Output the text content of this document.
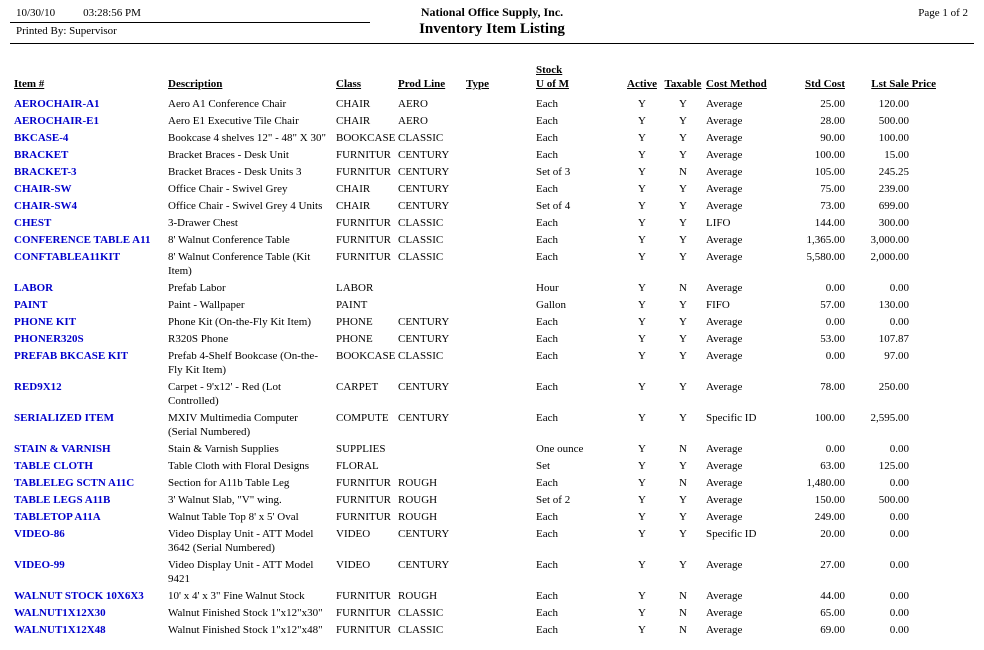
10/30/10	03:28:56 PM
Printed By: Supervisor
National Office Supply, Inc.
Inventory Item Listing
Page 1 of 2
					Stock					
Item #	Description	Class	Prod Line	Type	U of M	Active	Taxable	Cost Method	Std Cost	Lst Sale Price
AEROCHAIR-A1	Aero A1 Conference Chair	CHAIR	AERO		Each	Y	Y	Average	25.00	120.00
AEROCHAIR-E1	Aero E1 Executive Tile Chair	CHAIR	AERO		Each	Y	Y	Average	28.00	500.00
BKCASE-4	Bookcase 4 shelves 12" - 48" X 30"	BOOKCASE	CLASSIC		Each	Y	Y	Average	90.00	100.00
BRACKET	Bracket Braces - Desk Unit	FURNITUR	CENTURY		Each	Y	Y	Average	100.00	15.00
BRACKET-3	Bracket Braces - Desk Units 3	FURNITUR	CENTURY		Set of 3	Y	N	Average	105.00	245.25
CHAIR-SW	Office Chair - Swivel Grey	CHAIR	CENTURY		Each	Y	Y	Average	75.00	239.00
CHAIR-SW4	Office Chair - Swivel Grey 4 Units	CHAIR	CENTURY		Set of 4	Y	Y	Average	73.00	699.00
CHEST	3-Drawer Chest	FURNITUR	CLASSIC		Each	Y	Y	LIFO	144.00	300.00
CONFERENCE TABLE A11	8' Walnut Conference Table	FURNITUR	CLASSIC		Each	Y	Y	Average	1,365.00	3,000.00
CONFTABLEA11KIT	8' Walnut Conference Table (Kit Item)	FURNITUR	CLASSIC		Each	Y	Y	Average	5,580.00	2,000.00
LABOR	Prefab Labor	LABOR			Hour	Y	N	Average	0.00	0.00
PAINT	Paint - Wallpaper	PAINT			Gallon	Y	Y	FIFO	57.00	130.00
PHONE KIT	Phone Kit (On-the-Fly Kit Item)	PHONE	CENTURY		Each	Y	Y	Average	0.00	0.00
PHONER320S	R320S Phone	PHONE	CENTURY		Each	Y	Y	Average	53.00	107.87
PREFAB BKCASE KIT	Prefab 4-Shelf Bookcase (On-the-Fly Kit Item)	BOOKCASE	CLASSIC		Each	Y	Y	Average	0.00	97.00
RED9X12	Carpet - 9'x12' - Red (Lot Controlled)	CARPET	CENTURY		Each	Y	Y	Average	78.00	250.00
SERIALIZED ITEM	MXIV Multimedia Computer (Serial Numbered)	COMPUTE	CENTURY		Each	Y	Y	Specific ID	100.00	2,595.00
STAIN & VARNISH	Stain & Varnish Supplies	SUPPLIES			One ounce	Y	N	Average	0.00	0.00
TABLE CLOTH	Table Cloth with Floral Designs	FLORAL			Set	Y	Y	Average	63.00	125.00
TABLELEG SCTN A11C	Section for A11b Table Leg	FURNITUR	ROUGH		Each	Y	N	Average	1,480.00	0.00
TABLE LEGS A11B	3' Walnut Slab, "V" wing.	FURNITUR	ROUGH		Set of 2	Y	Y	Average	150.00	500.00
TABLETOP A11A	Walnut Table Top 8' x 5' Oval	FURNITUR	ROUGH		Each	Y	Y	Average	249.00	0.00
VIDEO-86	Video Display Unit - ATT Model 3642 (Serial Numbered)	VIDEO	CENTURY		Each	Y	Y	Specific ID	20.00	0.00
VIDEO-99	Video Display Unit - ATT Model 9421	VIDEO	CENTURY		Each	Y	Y	Average	27.00	0.00
WALNUT STOCK 10X6X3	10' x 4' x 3" Fine Walnut Stock	FURNITUR	ROUGH		Each	Y	N	Average	44.00	0.00
WALNUT1X12X30	Walnut Finished Stock 1"x12"x30"	FURNITUR	CLASSIC		Each	Y	N	Average	65.00	0.00
WALNUT1X12X48	Walnut Finished Stock 1"x12"x48"	FURNITUR	CLASSIC		Each	Y	N	Average	69.00	0.00
